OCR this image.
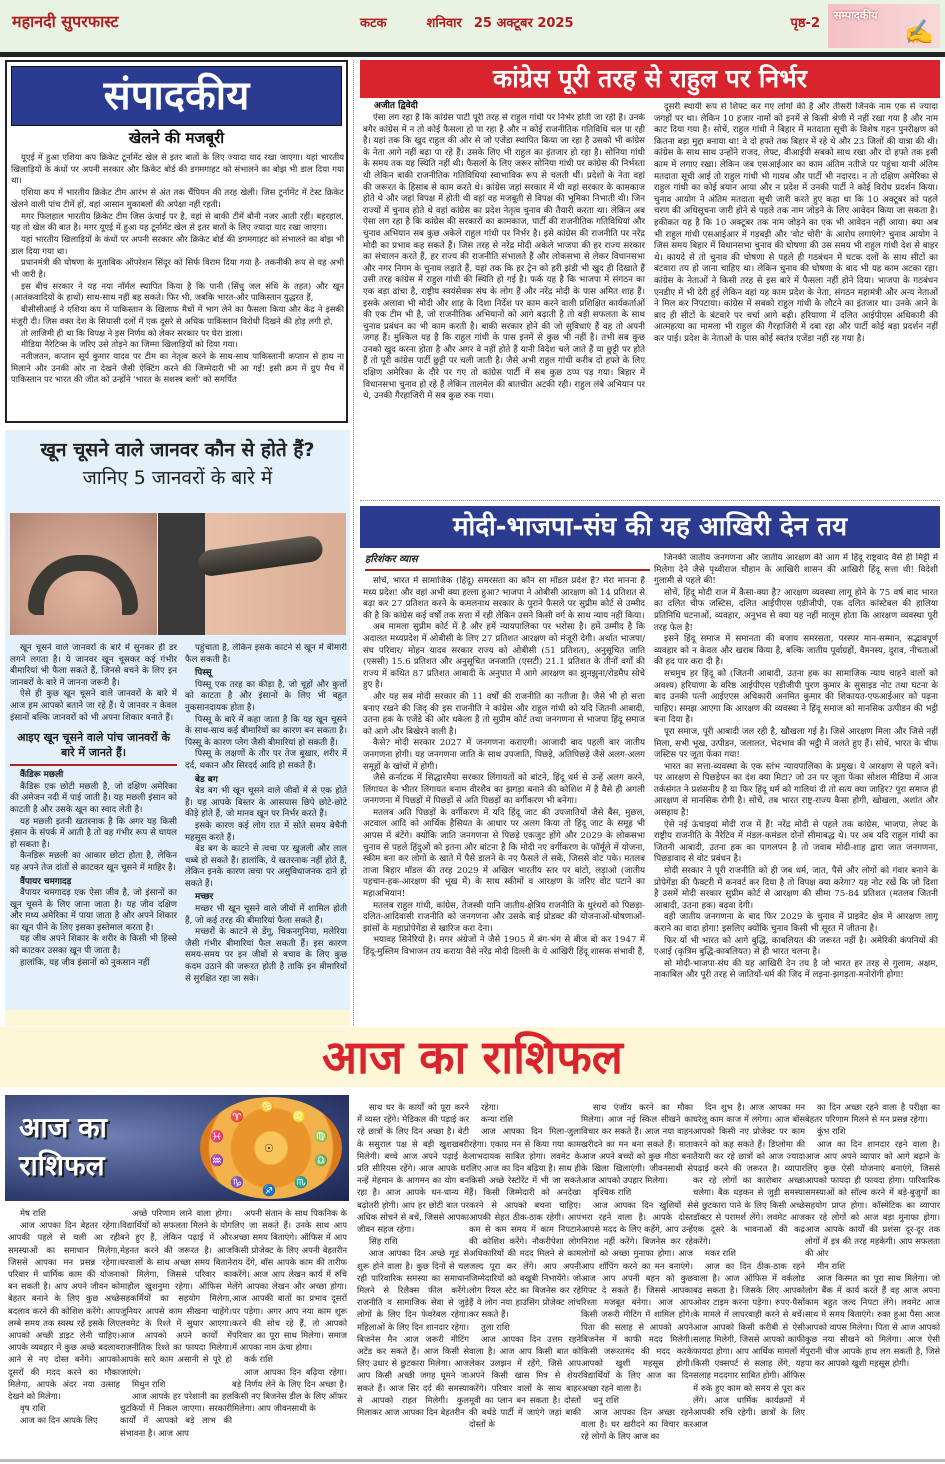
महानदी सुपरफास्ट	कटक	शनिवार 25 अक्टूबर 2025	पृष्ठ-2
सम्पादकीय
✍
संपादकीय
खेलने की मजबूरी

यूएई में हुआ एशिया कप क्रिकेट टूर्नामेंट खेल से इतर बातों के लिए ज्यादा याद रखा जाएगा। यहां भारतीय खिलाड़ियों के कंधों पर अपनी सरकार और क्रिकेट बोर्ड की डगमगाहट को संभालने का बोझ भी डाल दिया गया था।

एशिया कप में भारतीय क्रिकेट टीम आरंभ से अंत तक चैंपियन की तरह खेली। जिस टूर्नामेंट में टेस्ट क्रिकेट खेलने वाली पांच टीमें हों, वहां आसान मुकाबलों की अपेक्षा नहीं रहती।

मगर फिलहाल भारतीय क्रिकेट टीम जिस ऊंचाई पर है, वहां से बाकी टीमें बौनी नजर आती रहीं। बहरहाल, यह तो खेल की बात है। मगर यूएई में हुआ यह टूर्नामेंट खेल से इतर बातों के लिए ज्यादा याद रखा जाएगा।

यहां भारतीय खिलाड़ियों के कंधों पर अपनी सरकार और क्रिकेट बोर्ड की डगमगाहट को संभालने का बोझ भी डाल दिया गया था।

प्रधानमंत्री की घोषणा के मुताबिक ऑपरेशन सिंदूर को सिर्फ विराम दिया गया है- तकनीकी रूप से वह अभी भी जारी है।

इस बीच सरकार ने यह नया नॉर्मल स्थापित किया है कि पानी (सिंधु जल संधि के तहत) और खून (आतंकवादियों के हाथों) साथ-साथ नहीं बह सकते। फिर भी, जबकि भारत-और पाकिस्तान युद्धरत हैं,

बीसीसीआई ने एशिया कप में पाकिस्तान के खिलाफ मैचों में भाग लेने का फैसला किया और केंद्र ने इसकी मंजूरी दी। जिस वक्त देश के सियासी दलों में एक दूसरे से अधिक पाकिस्तान विरोधी दिखने की होड़ लगी हो,

तो लाजिमी ही था कि विपक्ष ने इस निर्णय को लेकर सरकार पर घेरा डाला।

मीडिया नैरेटिव्स के जरिए उसे तोड़ने का जिम्मा खिलाड़ियों को दिया गया।

नतीजतन, कप्तान सूर्य कुमार यादव पर टीम का नेतृत्व करने के साथ-साथ पाकिस्तानी कप्तान से हाथ ना मिलाने और उनकी ओर ना देखने जैसी ऐक्टिंग करने की जिम्मेदारी भी आ गई! इसी क्रम में ग्रुप मैच में पाकिस्तान पर भारत की जीत को उन्होंने 'भारत के सशस्त्र बलों' को समर्पित

खून चूसने वाले जानवर कौन से होते हैं?
जानिए 5 जानवरों के बारे में

खून चूसने वाले जानवरों के बारे में सुनकर ही डर लगने लगता है। ये जानवर खून चूसकर कई गंभीर बीमारियां भी फैला सकते हैं, जिनसे बचने के लिए इन जानवरों के बारे में जानना जरूरी है।

ऐसे ही कुछ खून चूसने वाले जानवरों के बारे में आज हम आपको बताने जा रहे हैं। ये जानवर न केवल इंसानों बल्कि जानवरों को भी अपना शिकार बनाते हैं।

आइए खून चूसने वाले पांच जानवरों के बारे में जानते हैं।
कैंडिरू मछली

कैंडिरू एक छोटी मछली है, जो दक्षिण अमेरिका की अमेजन नदी में पाई जाती है। यह मछली इंसान को काटती है और उसके खून का स्वाद लेती है।

यह मछली इतनी खतरनाक है कि अगर यह किसी इंसान के संपर्क में आती है तो वह गंभीर रूप से घायल हो सकता है।

कैनडिरू मछली का आकार छोटा होता है, लेकिन यह अपने तेज दांतों से काटकर खून चूसने में माहिर है।

वैंपायर चमगादड़

वैंपायर चमगादड़ एक ऐसा जीव है, जो इंसानों का खून चूसने के लिए जाना जाता है। यह जीव दक्षिण और मध्य अमेरिका में पाया जाता है और अपने शिकार का खून पीने के लिए इसका इस्तेमाल करता है।

यह जीव अपने शिकार के शरीर के किसी भी हिस्से को काटकर उसका खून पी जाता है।

हालांकि, यह जीव इंसानों को नुकसान नहीं

पहुंचाता है, लेकिन इसके काटने से खून में बीमारी फैल सकती है।

पिस्सू

पिस्सू एक तरह का कीड़ा है, जो चूहों और कुत्तों को काटता है और इंसानों के लिए भी बहुत नुकसानदायक होता है।

पिस्सू के बारे में कहा जाता है कि यह खून चूसने के साथ-साथ कई बीमारियों का कारण बन सकता है। पिस्सू के कारण प्लेग जैसी बीमारियां हो सकती हैं।

पिस्सू के लक्षणों के तौर पर तेज बुखार, शरीर में दर्द, थकान और सिरदर्द आदि हो सकते हैं।

बेड बग

बेड बग भी खून चूसने वाले जीवों में से एक होते हैं। यह आपके बिस्तर के आसपास छिपे छोटे-छोटे कीड़े होते हैं, जो मानव खून पर निर्भर करते हैं।

इसके कारण कई लोग रात में सोते समय बेचैनी महसूस करते हैं।

बेड बग के काटने से त्वचा पर खुजली और लाल धब्बे हो सकते हैं। हालांकि, ये खतरनाक नहीं होते हैं, लेकिन इनके कारण त्वचा पर असुविधाजनक दाने हो सकते हैं।

मच्छर

मच्छर भी खून चूसने वाले जीवों में शामिल होती हैं, जो कई तरह की बीमारियां फैला सकते हैं।

मच्छरों के काटने से डेंगू, चिकनगुनिया, मलेरिया जैसी गंभीर बीमारियां फैल सकती हैं। इस कारण समय-समय पर इन जीवों से बचाव के लिए कुछ कदम उठाने की जरूरत होती है ताकि इन बीमारियों से सुरक्षित रहा जा सके।

कांग्रेस पूरी तरह से राहुल पर निर्भर
अजीत द्विवेदी

ऐसा लग रहा है कि कांग्रेस पार्टी पूरी तरह से राहुल गांधी पर निर्भर होती जा रही है। उनके बगैर कांग्रेस में न तो कोई फैसला हो पा रहा है और न कोई राजनीतिक गतिविधि चल पा रही है। यहां तक कि खुद राहुल की ओर से जो एजेंडा स्थापित किया जा रहा है उसको भी कांग्रेस के नेता आगे नहीं बढ़ा पा रहे हैं। उसके लिए भी राहुल का इंतजार हो रहा है। सोनिया गांधी के समय तक यह स्थिति नहीं थी। फैसलों के लिए जरूर सोनिया गांधी पर कांग्रेस की निर्भरता थी लेकिन बाकी राजनीतिक गतिविधियां स्वाभाविक रूप से चलती थीं। प्रदेशों के नेता वहां की जरूरत के हिसाब से काम करते थे। कांग्रेस जहां सरकार में थी वहां सरकार के कामकाज होते थे और जहां विपक्ष में होती थी वहां वह मजबूती से विपक्ष की भूमिका निभाती थी। जिन राज्यों में चुनाव होते थे वहां कांग्रेस का प्रदेश नेतृत्व चुनाव की तैयारी करता था। लेकिन अब ऐसा लग रहा है कि कांग्रेस की सरकारों का कामकाज, पार्टी की राजनीतिक गतिविधियां और चुनाव अभियान सब कुछ अकेले राहुल गांधी पर निर्भर है। इसे कांग्रेस की राजनीति पर नरेंद्र मोदी का प्रभाव कह सकते हैं। जिस तरह से नरेंद्र मोदी अकेले भाजपा की हर राज्य सरकार का संचालन करते हैं, हर राज्य की राजनीति संभालते हैं और लोकसभा से लेकर विधानसभा और नगर निगम के चुनाव लड़ाते हैं, यहां तक कि हर ट्रेन को हरी झंडी भी खुद ही दिखाते हैं उसी तरह कांग्रेस में राहुल गांधी की स्थिति हो गई है। फर्क यह है कि भाजपा में संगठन का एक बड़ा ढांचा है, राष्ट्रीय स्वयंसेवक संघ के लोग हैं और नरेंद्र मोदी के पास अमित शाह हैं। इसके अलावा भी मोदी और शाह के दिशा निर्देश पर काम करने वाली प्रशिक्षित कार्यकर्ताओं की एक टीम भी है, जो राजनीतिक अभियानों को आगे बढ़ाती है तो बड़ी सफलता के साथ चुनाव प्रबंधन का भी काम करती है। बाकी सरकार होने की जो सुविधाएं हैं वह तो अपनी जगह हैं। मुश्किल यह है कि राहुल गांधी के पास इनमें से कुछ भी नहीं है। तभी सब कुछ उनको खुद करना होता है और अगर वे नहीं होते हैं यानी विदेश चले जाते हैं या छुट्टी पर होते हैं तो पूरी कांग्रेस पार्टी छुट्टी पर चली जाती है। जैसे अभी राहुल गांधी करीब दो हफ्ते के लिए दक्षिण अमेरिका के दौरे पर गए तो कांग्रेस पार्टी में सब कुछ ठप्प पड़ गया। बिहार में विधानसभा चुनाव हो रहे हैं लेकिन तालमेल की बातचीत अटकी रही। राहुल लंबे अभियान पर थे, उनकी गैरहाजिरी में सब कुछ रुक गया।

दूसरी स्थायी रूप से शिफ्ट कर गए लोगों की है और तीसरी जिनके नाम एक से ज्यादा जगहों पर था। लेकिन 10 हजार नामों को इनमें से किसी श्रेणी में नहीं रखा गया है और नाम काट दिया गया है। सोचें, राहुल गांधी ने बिहार में मतदाता सूची के विशेष गहन पुनरीक्षण को कितना बड़ा मुद्दा बनाया था! वे दो हफ्ते तक बिहार में रहे थे और 23 जिलों की यात्रा की थी। कांग्रेस के साथ साथ उन्होंने राजद, लेफ्ट, वीआईपी सबको साथ रखा और दो हफ्ते तक इसी काम में लगाए रखा। लेकिन जब एसआईआर का काम अंतिम नतीजे पर पहुंचा यानी अंतिम मतदाता सूची आई तो राहुल गांधी भी गायब और पार्टी भी नदारद। न तो दक्षिण अमेरिका से राहुल गांधी का कोई बयान आया और न प्रदेश में उनकी पार्टी ने कोई विरोध प्रदर्शन किया। चुनाव आयोग ने अंतिम मतदाता सूची जारी करते हुए कहा था कि 10 अक्टूबर को पहले चरण की अधिसूचना जारी होने से पहले तक नाम जोड़ने के लिए आवेदन किया जा सकता है। हकीकत यह है कि 10 अक्टूबर तक नाम जोड़ने का एक भी आवेदन नहीं आया। क्या अब भी राहुल गांधी एसआईआर में गड़बड़ी और 'वोट चोरी' के आरोप लगाएंगे? चुनाव आयोग ने जिस समय बिहार में विधानसभा चुनाव की घोषणा की उस समय भी राहुल गांधी देश से बाहर थे। कायदे से तो चुनाव की घोषणा से पहले ही गठबंधन में घटक दलों के साथ सीटों का बंटवारा तय हो जाना चाहिए था। लेकिन चुनाव की घोषणा के बाद भी यह काम अटका रहा। कांग्रेस के नेताओं ने किसी तरह से इस बारे में फैसला नहीं होने दिया। भाजपा के गठबंधन एनडीए में भी देरी हुई लेकिन वहां यह काम प्रदेश के नेता, संगठन महामंत्री और अन्य नेताओं ने मिल कर निपटाया। कांग्रेस में सबको राहुल गांधी के लौटने का इंतजार था। उनके आने के बाद ही सीटों के बंटवारे पर चर्चा आगे बढ़ी। हरियाणा में दलित आईपीएस अधिकारी की आत्महत्या का मामला भी राहुल की गैरहाजिरी में दबा रहा और पार्टी कोई बड़ा प्रदर्शन नहीं कर पाई। प्रदेश के नेताओं के पास कोई स्वतंत्र एजेंडा नहीं रह गया है।

मोदी-भाजपा-संघ की यह आखिरी देन तय
हरिशंकर व्यास

सोचें, भारत में सामाजिक (हिंदू) समरसता का कौन सा मॉडल प्रदेश है? मेरा मानना है मध्य प्रदेश! और वहां अभी क्या हल्ला हुआ? भाजपा ने ओबीसी आरक्षण को 14 प्रतिशत से बढ़ा कर 27 प्रतिशत करने के कमलनाथ सरकार के पुराने फैसले पर सुप्रीम कोर्ट से उम्मीद की है कि कांग्रेस कई वर्षों तक सत्ता में रही लेकिन उसने किसी वर्ग के साथ न्याय नहीं किया।

अब मामला सुप्रीम कोर्ट में है और हमें न्यायपालिका पर भरोसा है। हमें उम्मीद है कि अदालत मध्यप्रदेश में ओबीसी के लिए 27 प्रतिशत आरक्षण को मंजूरी देगी। अर्थात भाजपा/संघ परिवार/ मोहन यादव सरकार राज्य को ओबीसी (51 प्रतिशत), अनुसूचित जाति (एससी) 15.6 प्रतिशत और अनुसूचित जनजाति (एसटी) 21.1 प्रतिशत के तीनों वर्गों की राज्य में कथित 87 प्रतिशत आबादी के अनुपात में आगे आरक्षण का झुनझुना/रोडमैप सोचे हुए है।

और यह सब मोदी सरकार की 11 वर्षों की राजनीति का नतीजा है। जैसे भी हो सत्ता बनाए रखने की जिद् की इस राजनीति ने कांग्रेस और राहुल गांधी को यदि जितनी आबादी, उतना हक के एजेंडे की ओर धकेला है तो सुप्रीम कोर्ट तथा जनगणना से भाजपा हिंदू समाज को आगे और बिखेरने वाली है।

कैसे? मोदी सरकार 2027 में जनगणना कराएगी। आजादी बाद पहली बार जातीय जनगणना होगी। यह जनगणना जाति के साथ उपजाति, पिछड़े, अतिपिछड़े जैसे अलग-अलग समूहों के खांचों में होगी।

जैसे कर्नाटक में सिद्धारमैया सरकार लिंगायतों को बांटने, हिंदू धर्म से उन्हें अलग करने, लिंगायत के भीतर लिंगायत बनाम वीरशैव का झगड़ा बनाने की कोशिश में है वैसे ही अगली जनगणना में पिछड़ों में पिछड़ों से अति पिछड़ों का वर्गीकरण भी बनेगा।

मतलब अति पिछड़ों के वर्गीकरण में यदि हिंदू जाट की उपजातियों जैसे बैंस, मुछल, अटवाल आदि को आर्थिक हैसियत के आधार पर अलग किया तो हिंदू जाट के समूह भी आपस में बंटेंगे। क्योंकि जाति जनगणना से पिछड़े एकजुट होंगे और 2029 के लोकसभा चुनाव से पहले हिंदुओं को इतना और बांटना है कि मोदी नए वर्गीकरण के फॉर्मूले में योजना, स्कीम बना कर लोगों के खाते में पैसे डालने के नए फैसले ले सकें, जिससे वोट पके। मतलब ताजा बिहार मॉडल की तरह 2029 में अखिल भारतीय स्तर पर बांटो, लड़ाओ (जातीय पहचान-हक-आरक्षण की भूख में) के साथ स्कीमों व आरक्षण के जरिए वोट पटाने का महाअभियान!

मतलब राहुल गांधी, कांग्रेस, तेजस्वी यानि जातीय-क्षेत्रिय राजनीति के धुरंधरों को पिछड़ा-दलित-आदिवासी राजनीति को जनगणना और उसके बाई प्रोडक्ट की योजनाओं-घोषणाओं-झांसों के महाप्रोपेगेंडा से खारिज करा देना।

भयावह सिनेरियो है। मगर अंग्रेजों ने जैसे 1905 में बंग-भंग से बीज बो कर 1947 में हिंदू-मुस्लिम विभाजन तय कराया वैसे नरेंद्र मोदी दिल्ली के ये आखिरी हिंदू शासक संभावी हैं,

जिनकी जातीय जनगणना और जातीय आरक्षण की आग में हिंदू राष्ट्रवाद वैसे ही मिट्टी में मिलेगा देने जैसे पृथ्वीराज चौहान के आखिरी शासन की आखिरी हिंदू सत्ता थी! विदेशी गुलामी से पहले की!

सोचें, हिंदू मोदी राज में कैसा-क्या है? आरक्षण व्यवस्था लागू होने के 75 वर्ष बाद भारत का दलित चीफ जस्टिस, दलित आईपीएस एडीजीपी, एक दलित कांस्टेबल की हालिया प्रतिनिधि घटनाओं, व्यवहार, अनुभव से क्या यह नहीं मालूम होता कि आरक्षण व्यवस्था पूरी तरह फेल है!

इसने हिंदू समाज में समानता की बजाय समरसता, परस्पर मान-सम्मान, सद्भावपूर्ण व्यवहार को न केवल और खराब किया है, बल्कि जातीय पूर्वाग्रहों, वैमनस्य, दुराव, नीचताओं की हद पार करा दी है।

सचमुच हर हिंदू को (जितनी आबादी, उतना हक का सामाजिक न्याय चाहने वालों को अवश्य) हरियाणा के वरिष्ठ आईपीएस एडीजीपी पुरण कुमार के सुसाइड नोट तथा घटना के बाद उनकी पत्नी आईएएस अधिकारी अनमित कुमार की शिकायत-एफआईआर को पढ़ना चाहिए। समझ आएगा कि आरक्षण की व्यवस्था ने हिंदू समाज को मानसिक उत्पीडन की भट्ठी बना दिया है।

पूरा समाज, पूरी आबादी जल रही है, खौखला गई है। जिसे आरक्षण मिला और जिसे नहीं मिला, सभी भूख, उत्पीडन, जलालत, भेदभाव की भट्ठी में जलते हुए हैं। सोचें, भारत के चीफ जस्टिस पर जूता फेंका गया!

भारत का सत्ता-व्यवस्था के एक स्तंभ न्यायपालिका के प्रमुख। ये आरक्षण से पहले बने। पर आरक्षण से पिछड़ेपन का दंश क्या मिटा? जो उन पर जूता फेंका सोशल मीडिया में आज तर्कसंगत ने प्रशंसनीय है या फिर हिंदू धर्म को गालियां दी तो सत्य क्या जाहिर? पूरा समाज ही आरक्षण से मानसिक रोगी है। सोचें, तब भारत राष्ट्र-राज्य कैसा होगी, खोखला, अशांत और असहाय है!

ऐसे नई ऊंचाइयां मोदी राज में हैं! नरेंद्र मोदी से पहले तक कांग्रेस, भाजपा, लेफ्ट के राष्ट्रीय राजनीति के नैरेटिव में मंडल-कमंडल दोनों सीमाबद्ध थे। पर अब यदि राहुल गांधी का जितनी आबादी, उतना हक का पागलपन है तो जवाब मोदी-शाह द्वारा जात जनगणना, पिछड़ावाद से वोट प्रबंधन है।

मोदी सरकार ने पूरी राजनीति को ही जब धर्म, जात, पैसे और लोगों को गंवार बनाने के प्रोपेगेंडा की फैक्टरी में कनवर्ट कर दिया है तो विपक्ष क्या करेगा? यह नोट रखें कि जो दिशा है उसमें मोदी सरकार सुप्रीम कोर्ट से आरक्षण की सीमा 75-84 प्रतिशत (मतलब जितनी आबादी, उतना हक) बढ़वा देगी।

वही जातीय जनगणना के बाद फिर 2029 के चुनाव में प्राइवेट क्षेत्र में आरक्षण लागू कराने का वादा होगा! इसलिए क्योंकि चुनाव किसी भी सूरत में जीतना है।

फिर यों भी भारत को आगे बुद्धि, काबलियत की जरूरत नहीं है। अमेरिकी कंपनियों की एआई (कृत्रिम बुद्धि-काबलियत) से ही भारत चलना है।

सो मोदी-भाजपा-संघ की यह आखिरी देन तय है जो भारत हर तरह से गुलाम, अक्षम, नाकाबिल और पूरी तरह से जातियों-धर्म की जिद में लड़ना-झगड़ता-मनोरोगी होगा!

आज का राशिफल
आज का
राशिफल
♋
♌
♍
♎
♏
♐
♑
♒
♓
♈
☉
मेष राशि
आज आपका दिन बेहतर रहेगा। आपकी पहले से चली आ रही समस्याओं का समाधान मिलेगा, जिससे आपका मन प्रसन्न रहेगा। परिवार में धार्मिक काम की योजना बन सकती है। आप अपने जीवन को बेहतर बनाने के लिए कुछ अच्छे बदलाव करने की कोशिश करेंगे। आप लम्बे समय तक स्वस्थ रहें इसके लिए आपको अच्छी डाइट लेनी चाहिए। आपके व्यवहार में कुछ अच्छे बदलाव आने से नए दोस्त बनेंगे। आपको दूसरों की मदद करने का मौका मिलेगा, आपके अंदर नया उत्साह देखने को मिलेगा।
वृष राशि
आज का दिन आपके लिए
अच्छे परिणाम लाने वाला होगा। विद्यार्थियों को सफलता मिलने के योग बने हुए हैं, लेकिन पढ़ाई में और मेहनत करने की जरूरत है। आज घरवालों के साथ अच्छा समय बिताने को मिलेगा, जिससे परिवार का माहौल खुशनुमा रहेगा। ऑफिस मे सहकर्मियों का सहयोग मिलेगा, जूनियर आपसे काम सीखना चाहेंगे। लवमेट के रिश्ते में सुधार आएगा। आज आपको अपने कार्यों में राजनीतिक रिश्ते का फायदा मिलेगा। आपके सारे काम असानी से पूरे हो जाएंगे।
मिथुन राशि
आज आपके हर परेशानी का हल चुटकियों में निकल जाएगा। सरकारी कार्यों में आपको बड़े लाभ की संभावना है। आज आप
अपनी संतान के साथ पिकनिक के लिए जा सकते हैं। उनके साथ आप अच्छा समय बिताएंगे। ऑफिस में आप किसी प्रोजेक्ट के लिए अपनी बेहतरीन राय देंगे, बॉस आपके काम की तारीफ करेंगे। आज आप लेखन कार्य में रुचि लेंगे आपका लेखन और अच्छा होगा। आज आपकी बातों का प्रभाव दूसरों पर पड़ेगा। अगर आप नया काम शुरू करने की सोच रहे हैं, तो आपको परिवार का पूरा साथ मिलेगा। समाज में आपका नाम ऊंचा होगा।
कर्क राशि
आज आपका दिन बढ़िया रहेगा। बड़े निर्णय लेने के लिए दिन अच्छा है। किसी नए बिजनेस डील के लिए ऑफर मिलेगा। आप जीवनसाथी के
साथ घर के कार्यों को पूरा करने में व्यस्त रहेंगे। मेडिकल की पढ़ाई कर रहे छात्रों के लिए दिन अच्छा है। बेटी के ससुराल पक्ष से बड़ी खुशखबरी मिलेगी। बच्चे आज अपने पढ़ाई के प्रति सीरियस रहेंगे। आज आपके घर नन्हें मेहमान के आगमन का योग बन रहा है। आज आपके धन-धान्य में बढ़ोतरी होगी। आप हर छोटी बात पर अधिक सोचने से बचें, जिससे आपका जीवन सहज रहेगा।
सिंह राशि
आज आपका दिन अच्छे मूड से शुरू होने वाला है। कुछ दिनों से चल रही पारिवारिक समस्या का समाधान मिलने से रिलैक्स फील करेंगे। राजनीति व सामाजिक सेवा से जुड़े लोगों के लिए दिन फेवरेबल रहेगा। महिलाओं के लिए दिन शानदार रहेगा। बिजनेस मैन आज जरूरी मीटिंग अटेंड कर सकते हैं। आज किसी से लिए उधार से छुटकारा मिलेगा। आज आप किसी अच्छी जगह घूमने जा सकते हैं। आज सिर दर्द की समस्या से आपको राहत मिलेगी। कुल मिलाकर आज आपका दिन बेहतरीन
रहेगा।
कन्या राशि
आज आपका दिन मिला-जुला रहेगा। एकाग्र मन से किया गया काम लाभदायक साबित होगा। लवमेट के लिए आज का दिन बढ़िया है। साथ ही किसी अच्छे रेस्टोरेंट में भी जा सकते हैं। किसी जिम्मेदारी को अनदेखा करने से आपको बचना चाहिए। आपकी सेहत ठीक-ठाक रहेगी। आप कम से कम समय में काम निपटाने की कोशिश करेंगे। नौकरीपेशा लोग अधिकारियों की मदद मिलने से काम जल्द पूरा कर लेंगे। आप अपनी जिम्मेदारियों को बखूबी निभायेंगे। जो लोग रियल स्टेट का बिजनेस कर रहे हैं वे लोग नया हाउसिंग प्रोजेक्ट लांच कर सकते हैं।
तुला राशि
आज आपका दिन उत्तम रहने वाला है। आज आप किसी बात को लेकर उलझन में रहेंगे, जिसे आप अपने किसी खास मित्र से शेयर करेंगे। परिवार वालों के साथ बाहर मूवी का प्लान बन सकता है। दोस्तों की बर्थडे पार्टी में जाएंगे जहां बाकी दोस्तों के
साथ एंजॉय करने का मौका मिलेगा। आज नई स्किल सीखने का विचार कर सकते हैं। आज नया वाहन खरीदने का मन बना सकते हैं। माता आज अपने बच्चों को कुछ मीठा बना के खिला खिलाएंगी। जीवनसाथी से आज आपको उपहार मिलेगा।
वृश्चिक राशि
आज आपका दिन खुशियों से भरा रहने वाला है। आपके दोस्त आपसे मदद के लिए कहेंगे, आप उन्हें निराश नहीं करेंगे। बिजनेस कर रहे लोगों को अच्छा मुनाफा होगा। आज आप शॉपिंग करने का मन बनाएंगे। आज आप अपनी बहन को कुछ गिफ्ट दे सकते हैं। जिससे आपका रिश्ता मजबूत बनेगा। आज आप किसी जरूरी मीटिंग में शामिल होंगे। पिता की सलाह से आपको अपने बिजनेस में काफी मदद मिलेगी। किसी जरूरतमंद की मदद करके आपको खुशी महसूस होगी। विद्यार्थियों के लिए आज का दिन अच्छा रहने वाला है।
धनु राशि
आज आपका दिन अच्छा रहने वाला है। घर खरीदने का विचार कर रहे लोगों के लिए आज का
दिन शुभ है। आज आपका मन घरेलू काम काज में लगेगा। आज बॉस आपको किसी नए प्रोजेक्ट पर काम करने को कह सकते हैं। डिप्लोमा की तैयारी कर रहे छात्रों को आज ज्यादा पढ़ाई करने की जरूरत है। व्यापार कर रहे लोगों का कारोबार अच्छा चलेगा। बैक धड़कन से जुड़ी समस्या से छुटकारा पाने के लिए किसी अच्छे डॉक्टर से परामर्श लेंगे। लवमेट आज एक दूसरे के भावनाओं की कद्र करेंगे।
मकर राशि
आज का दिन ठीक-ठाक रहने वाला है। आज ऑफिस में वर्कलोड बढ़ सकता है। जिसके लिए आपको ओवर टाइम करना पड़ेगा। रुपए-पैसों के मामले में लापरवाही करने से बचें। आज आपको किसी करीबी से ऐसी सलाह मिलेगी, जिससे आपको काफी फायदा होगा। आप आर्थिक मामलों में किसी एक्सपर्ट से सलाह लेंगे, यह सलाह मददगार साबित होगी। ऑफिस में रुके हुए काम को समय से पूरा कर लेंगे। आज धार्मिक कार्यक्रमों में आपकी रुचि रहेगी। छात्रों के लिए आज
का दिन अच्छा रहने वाला है परीक्षा का बेहतर परिणाम मिलने से मन प्रसन्न रहेगा।
कुंभ राशि
आज का दिन शानदार रहने वाला है। आज आप अपने व्यापार को आगे बढ़ाने के लिए कुछ ऐसी योजनाएं बनाएंगे, जिससे आपको फायदा ही फायदा होगा। पारिवारिक समस्याओं को सॉल्व करने में बड़े-बुजुर्गों का सहयोग प्राप्त होगा। कॉस्मेटिक का व्यापार कर रहे लोगों को आज बड़ा मुनाफा होगा। आज आपके कार्यों की प्रशंसा दूर-दूर तक लोगों में इत्र की तरह महकेगी। आप सफलता की ओर
मीन राशि
आज किस्मत का पूरा साथ मिलेगा। जो लोग बैंक में कार्य करते हैं वह आज अपना काम बहुत जल्द निपटा लेंगे। लवमेट आज साथ में समय बिताएंगे। रुका हुआ पैसा आज आपको वापस मिलेगा। पिता से आज आपको कुछ नया सीखने को मिलेगा। आज ऐसी पुरानी चीज आपके हाथ लग सकती है, जिसे पा कर आपको खुशी महसूस होगी।
